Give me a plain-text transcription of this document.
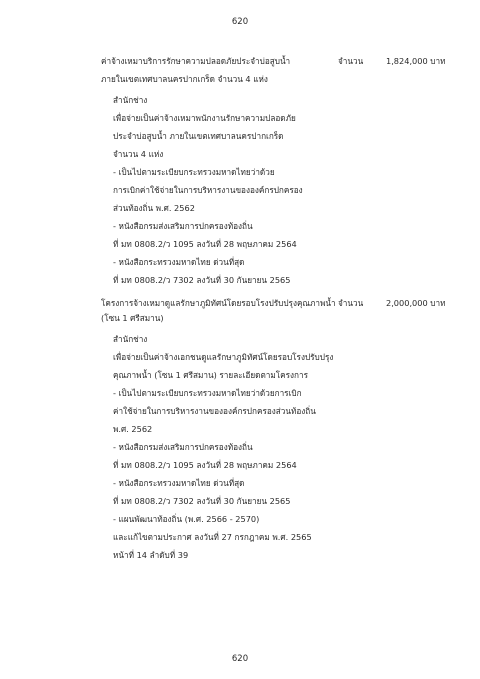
620
ค่าจ้างเหมาบริการรักษาความปลอดภัยประจำบ่อสูบน้ำ
ภายในเขตเทศบาลนครปากเกร็ด จำนวน 4 แห่ง
จำนวน	1,824,000 บาท
สำนักช่าง
เพื่อจ่ายเป็นค่าจ้างเหมาพนักงานรักษาความปลอดภัย
ประจำบ่อสูบน้ำ ภายในเขตเทศบาลนครปากเกร็ด
จำนวน 4 แห่ง
- เป็นไปตามระเบียบกระทรวงมหาดไทยว่าด้วย
การเบิกค่าใช้จ่ายในการบริหารงานขององค์กรปกครอง
ส่วนท้องถิ่น พ.ศ. 2562
- หนังสือกรมส่งเสริมการปกครองท้องถิ่น
ที่ มท 0808.2/ว 1095 ลงวันที่ 28 พฤษภาคม 2564
- หนังสือกระทรวงมหาดไทย ด่วนที่สุด
ที่ มท 0808.2/ว 7302 ลงวันที่ 30 กันยายน 2565
โครงการจ้างเหมาดูแลรักษาภูมิทัศน์โดยรอบโรงปรับปรุงคุณภาพน้ำ
(โซน 1 ศรีสมาน)
จำนวน	2,000,000 บาท
สำนักช่าง
เพื่อจ่ายเป็นค่าจ้างเอกชนดูแลรักษาภูมิทัศน์โดยรอบโรงปรับปรุง
คุณภาพน้ำ (โซน 1 ศรีสมาน) รายละเอียดตามโครงการ
- เป็นไปตามระเบียบกระทรวงมหาดไทยว่าด้วยการเบิก
ค่าใช้จ่ายในการบริหารงานขององค์กรปกครองส่วนท้องถิ่น
พ.ศ. 2562
- หนังสือกรมส่งเสริมการปกครองท้องถิ่น
ที่ มท 0808.2/ว 1095 ลงวันที่ 28 พฤษภาคม 2564
- หนังสือกระทรวงมหาดไทย ด่วนที่สุด
ที่ มท 0808.2/ว 7302 ลงวันที่ 30 กันยายน 2565
- แผนพัฒนาท้องถิ่น (พ.ศ. 2566 - 2570)
และแก้ไขตามประกาศ ลงวันที่ 27 กรกฎาคม พ.ศ. 2565
หน้าที่ 14 ลำดับที่ 39
620
